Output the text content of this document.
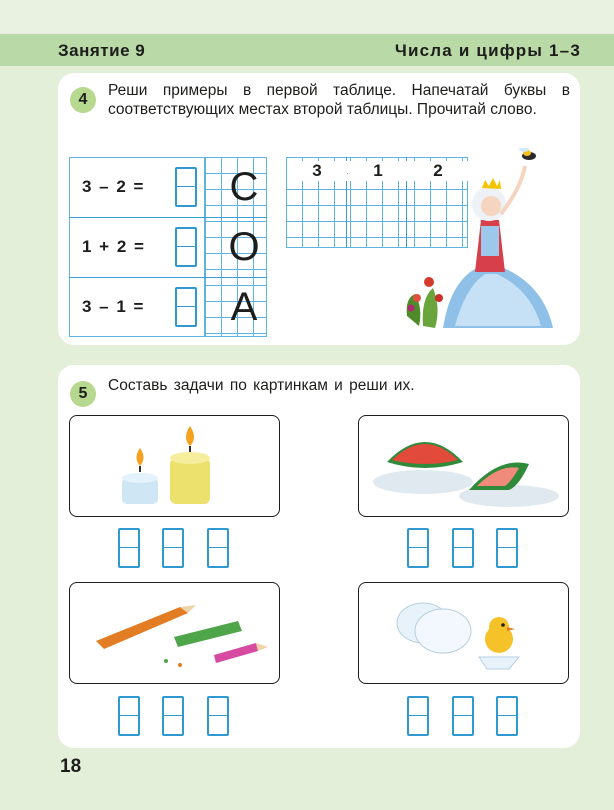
Занятие 9	Числа и цифры 1–3
4
Реши примеры в первой таблице. Напечатай буквы в соответствующих местах второй таблицы. Прочитай слово.
3 – 2 = С
1 + 2 = О
3 – 1 = А
3	1	2
5	Составь задачи по картинкам и реши их.
18
